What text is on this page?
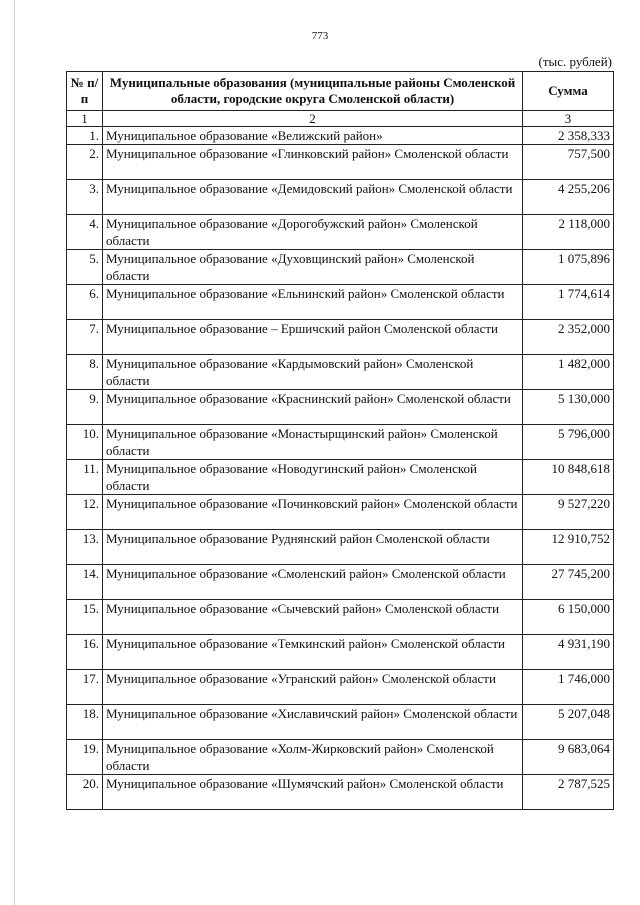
773
(тыс. рублей)
№ п/п	Муниципальные образования (муниципальные районы Смоленской области, городские округа Смоленской области)	Сумма
1	2	3
1.	Муниципальное образование «Велижский район»	2 358,333
2.	Муниципальное образование «Глинковский район» Смоленской области	757,500
3.	Муниципальное образование «Демидовский район» Смоленской области	4 255,206
4.	Муниципальное образование «Дорогобужский район» Смоленской области	2 118,000
5.	Муниципальное образование «Духовщинский район» Смоленской области	1 075,896
6.	Муниципальное образование «Ельнинский район» Смоленской области	1 774,614
7.	Муниципальное образование – Ершичский район Смоленской области	2 352,000
8.	Муниципальное образование «Кардымовский район» Смоленской области	1 482,000
9.	Муниципальное образование «Краснинский район» Смоленской области	5 130,000
10.	Муниципальное образование «Монастырщинский район» Смоленской области	5 796,000
11.	Муниципальное образование «Новодугинский район» Смоленской области	10 848,618
12.	Муниципальное образование «Починковский район» Смоленской области	9 527,220
13.	Муниципальное образование Руднянский район Смоленской области	12 910,752
14.	Муниципальное образование «Смоленский район» Смоленской области	27 745,200
15.	Муниципальное образование «Сычевский район» Смоленской области	6 150,000
16.	Муниципальное образование «Темкинский район» Смоленской области	4 931,190
17.	Муниципальное образование «Угранский район» Смоленской области	1 746,000
18.	Муниципальное образование «Хиславичский район» Смоленской области	5 207,048
19.	Муниципальное образование «Холм-Жирковский район» Смоленской области	9 683,064
20.	Муниципальное образование «Шумячский район» Смоленской области	2 787,525
